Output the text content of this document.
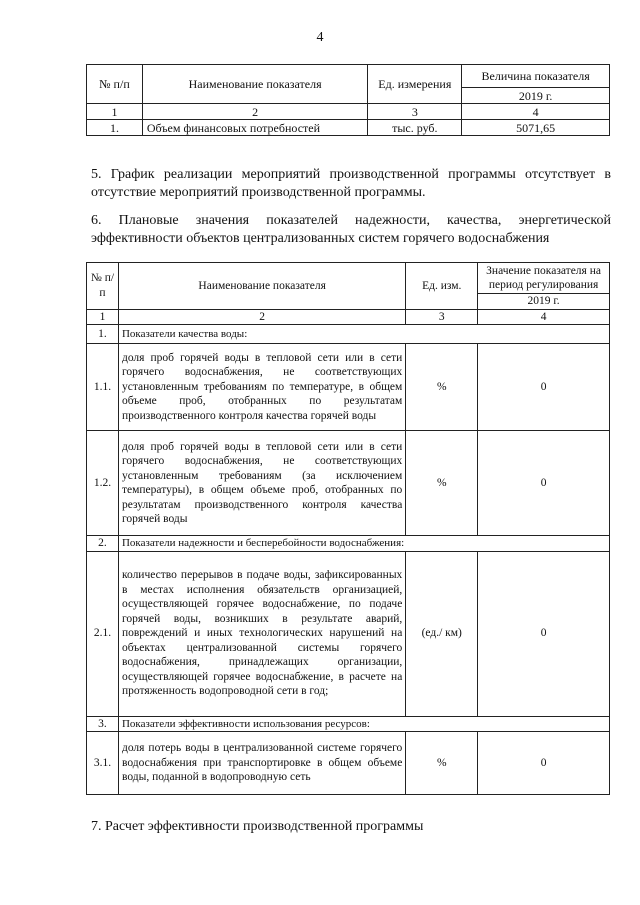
4
№ п/п	Наименование показателя	Ед. измерения	Величина показателя
			2019 г.
1	2	3	4
1.	Объем финансовых потребностей	тыс. руб.	5071,65

5. График реализации мероприятий производственной программы отсутствует в отсутствие мероприятий производственной программы.

6. Плановые значения показателей надежности, качества, энергетической эффективности объектов централизованных систем горячего водоснабжения

№ п/п	Наименование показателя	Ед. изм.	Значение показателя на период регулирования
			2019 г.
1	2	3	4
1.	Показатели качества воды:		
1.1.	доля проб горячей воды в тепловой сети или в сети горячего водоснабжения, не соответствующих установленным требованиям по температуре, в общем объеме проб, отобранных по результатам производственного контроля качества горячей воды	%	0
1.2.	доля проб горячей воды в тепловой сети или в сети горячего водоснабжения, не соответствующих установленным требованиям (за исключением температуры), в общем объеме проб, отобранных по результатам производственного контроля качества горячей воды	%	0
2.	Показатели надежности и бесперебойности водоснабжения:		
2.1.	количество перерывов в подаче воды, зафиксированных в местах исполнения обязательств организацией, осуществляющей горячее водоснабжение, по подаче горячей воды, возникших в результате аварий, повреждений и иных технологических нарушений на объектах централизованной системы горячего водоснабжения, принадлежащих организации, осуществляющей горячее водоснабжение, в расчете на протяженность водопроводной сети в год;	(ед./ км)	0
3.	Показатели эффективности использования ресурсов:		
3.1.	доля потерь воды в централизованной системе горячего водоснабжения при транспортировке в общем объеме воды, поданной в водопроводную сеть	%	0

7. Расчет эффективности производственной программы
